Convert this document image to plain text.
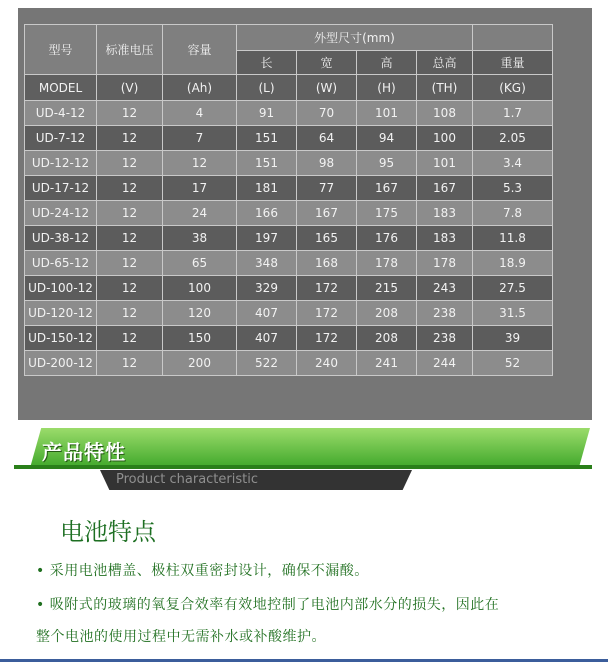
型号	标准电压	容量	外型尺寸(mm)				
			长	宽	高	总高	重量
MODEL	(V)	(Ah)	(L)	(W)	(H)	(TH)	(KG)
UD-4-12	12	4	91	70	101	108	1.7
UD-7-12	12	7	151	64	94	100	2.05
UD-12-12	12	12	151	98	95	101	3.4
UD-17-12	12	17	181	77	167	167	5.3
UD-24-12	12	24	166	167	175	183	7.8
UD-38-12	12	38	197	165	176	183	11.8
UD-65-12	12	65	348	168	178	178	18.9
UD-100-12	12	100	329	172	215	243	27.5
UD-120-12	12	120	407	172	208	238	31.5
UD-150-12	12	150	407	172	208	238	39
UD-200-12	12	200	522	240	241	244	52
产品特性
Product characteristic
电池特点
• 采用电池槽盖、极柱双重密封设计，确保不漏酸。
• 吸附式的玻璃的氧复合效率有效地控制了电池内部水分的损失，因此在
整个电池的使用过程中无需补水或补酸维护。
